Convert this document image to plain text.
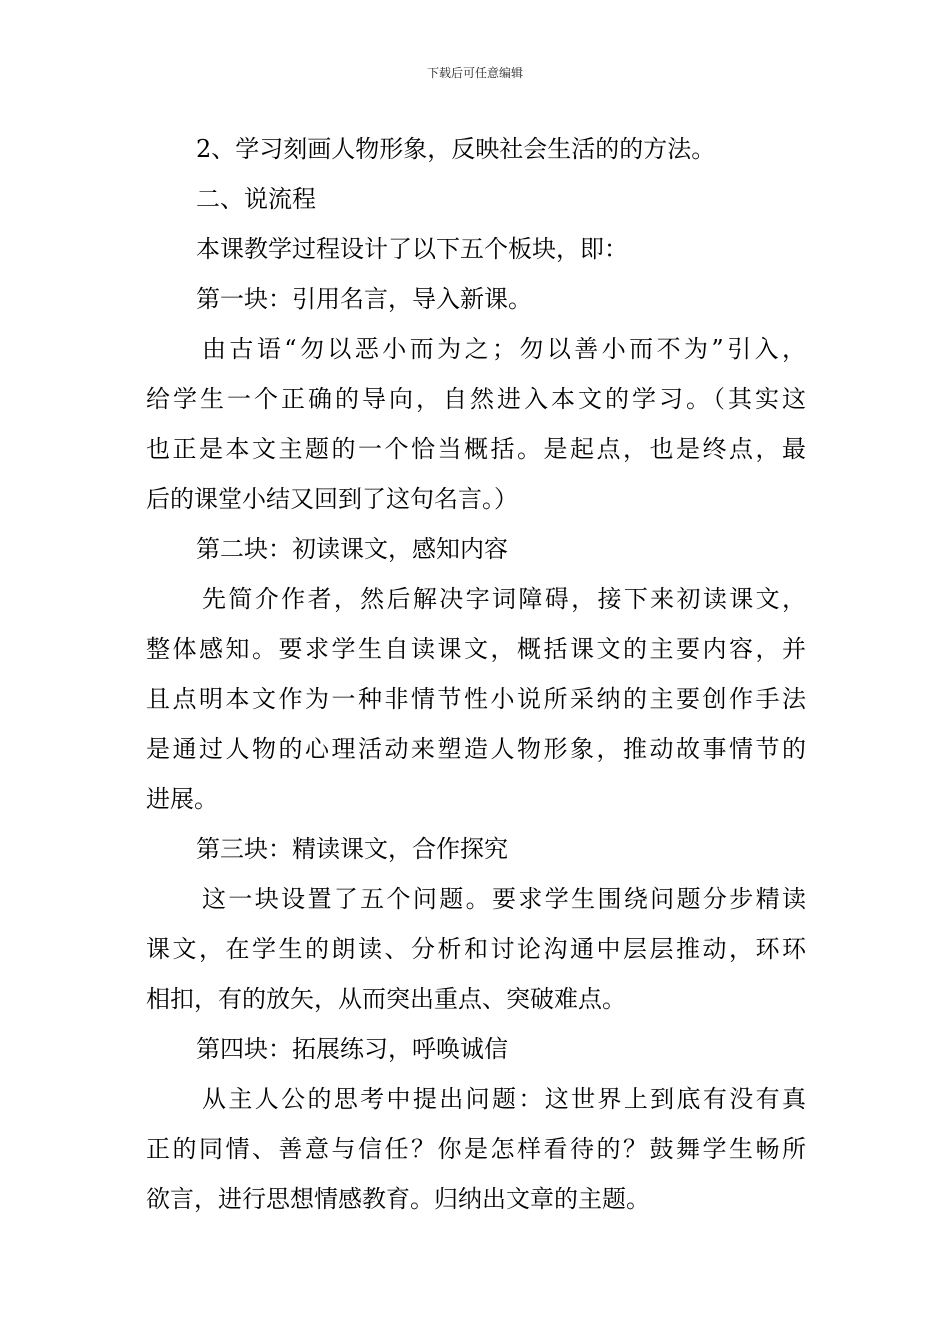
下载后可任意编辑
2、学习刻画人物形象，反映社会生活的的方法。
二、说流程
本课教学过程设计了以下五个板块，即：
第一块：引用名言，导入新课。
由古语“勿以恶小而为之；勿以善小而不为”引入，
给学生一个正确的导向，自然进入本文的学习。（其实这
也正是本文主题的一个恰当概括。是起点，也是终点，最
后的课堂小结又回到了这句名言。）
第二块：初读课文，感知内容
先简介作者，然后解决字词障碍，接下来初读课文，
整体感知。要求学生自读课文，概括课文的主要内容，并
且点明本文作为一种非情节性小说所采纳的主要创作手法
是通过人物的心理活动来塑造人物形象，推动故事情节的
进展。
第三块：精读课文，合作探究
这一块设置了五个问题。要求学生围绕问题分步精读
课文，在学生的朗读、分析和讨论沟通中层层推动，环环
相扣，有的放矢，从而突出重点、突破难点。
第四块：拓展练习，呼唤诚信
从主人公的思考中提出问题：这世界上到底有没有真
正的同情、善意与信任？你是怎样看待的？鼓舞学生畅所
欲言，进行思想情感教育。归纳出文章的主题。
